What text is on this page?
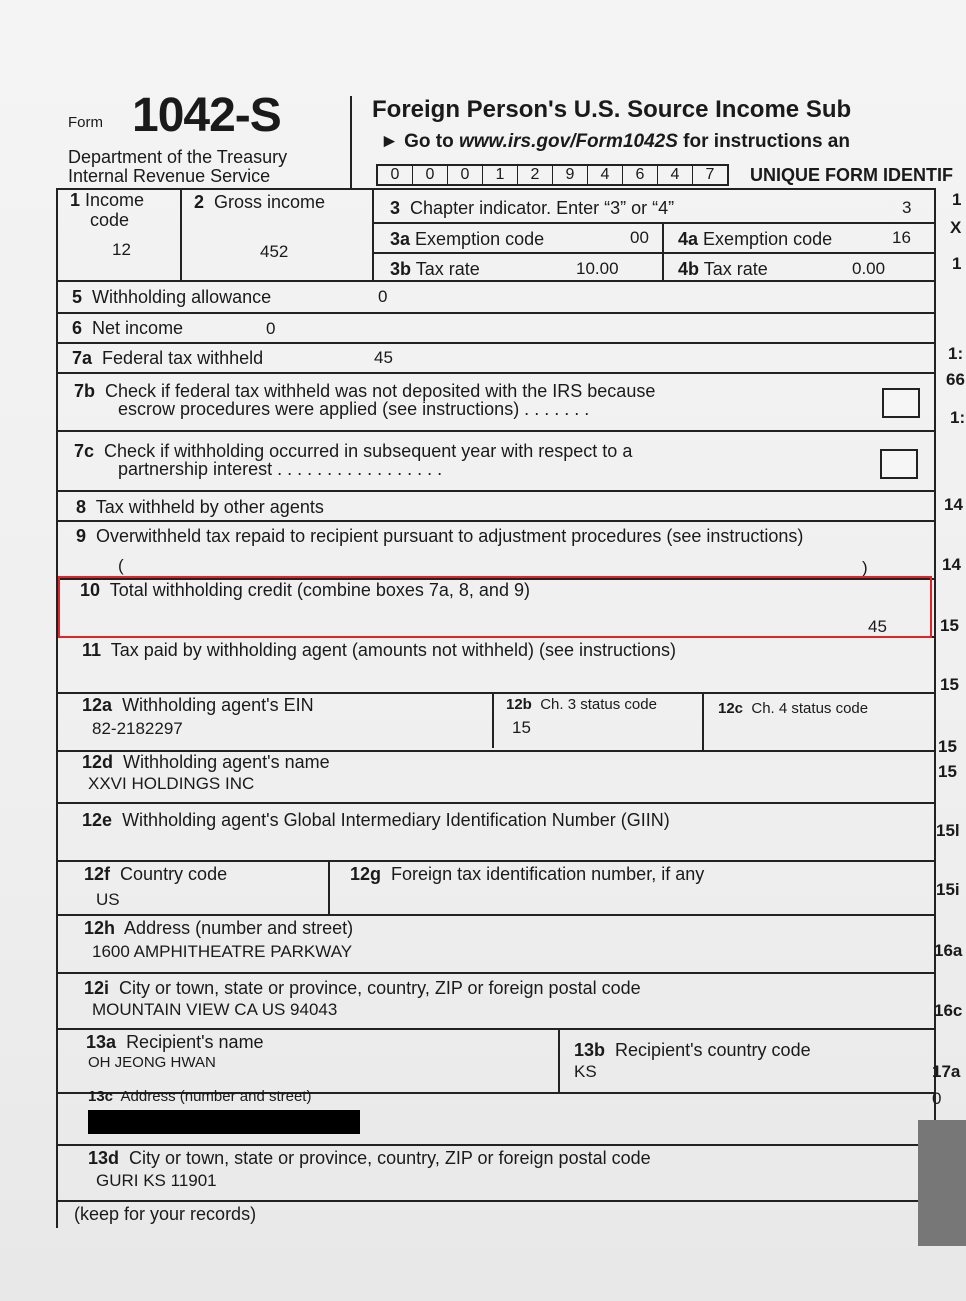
Form 1042-S
Department of the Treasury
Internal Revenue Service
Foreign Person's U.S. Source Income Sub
► Go to www.irs.gov/Form1042S for instructions an
0	0	0	1	2	9	4	6	4	7	UNIQUE FORM IDENTIF
1 Income
code
12
2 Gross income
452
3 Chapter indicator. Enter “3” or “4”	3
3a Exemption code	00 4a Exemption code	16
3b Tax rate	10.00	4b Tax rate	0.00
5 Withholding allowance	0
6 Net income	0
7a Federal tax withheld	45
7b Check if federal tax withheld was not deposited with the IRS because
escrow procedures were applied (see instructions) . . . . . . .
7c Check if withholding occurred in subsequent year with respect to a
partnership interest . . . . . . . . . . . . . . . . .
8 Tax withheld by other agents
9 Overwithheld tax repaid to recipient pursuant to adjustment procedures (see instructions)
(	)
10 Total withholding credit (combine boxes 7a, 8, and 9)
45
11 Tax paid by withholding agent (amounts not withheld) (see instructions)
12a Withholding agent's EIN
82-2182297
12b Ch. 3 status code
15
12c Ch. 4 status code
12d Withholding agent's name
XXVI HOLDINGS INC
12e Withholding agent's Global Intermediary Identification Number (GIIN)
12f Country code
US
12g Foreign tax identification number, if any
12h Address (number and street)
1600 AMPHITHEATRE PARKWAY
12i City or town, state or province, country, ZIP or foreign postal code
MOUNTAIN VIEW CA US 94043
13a Recipient's name
OH JEONG HWAN
13b Recipient's country code
KS
13c Address (number and street)
13d City or town, state or province, country, ZIP or foreign postal code
GURI KS 11901
(keep for your records)
1
X
1
1:
66
1:
14
14
15
15
15
15
15l
15i
16a
16c
17a
0
